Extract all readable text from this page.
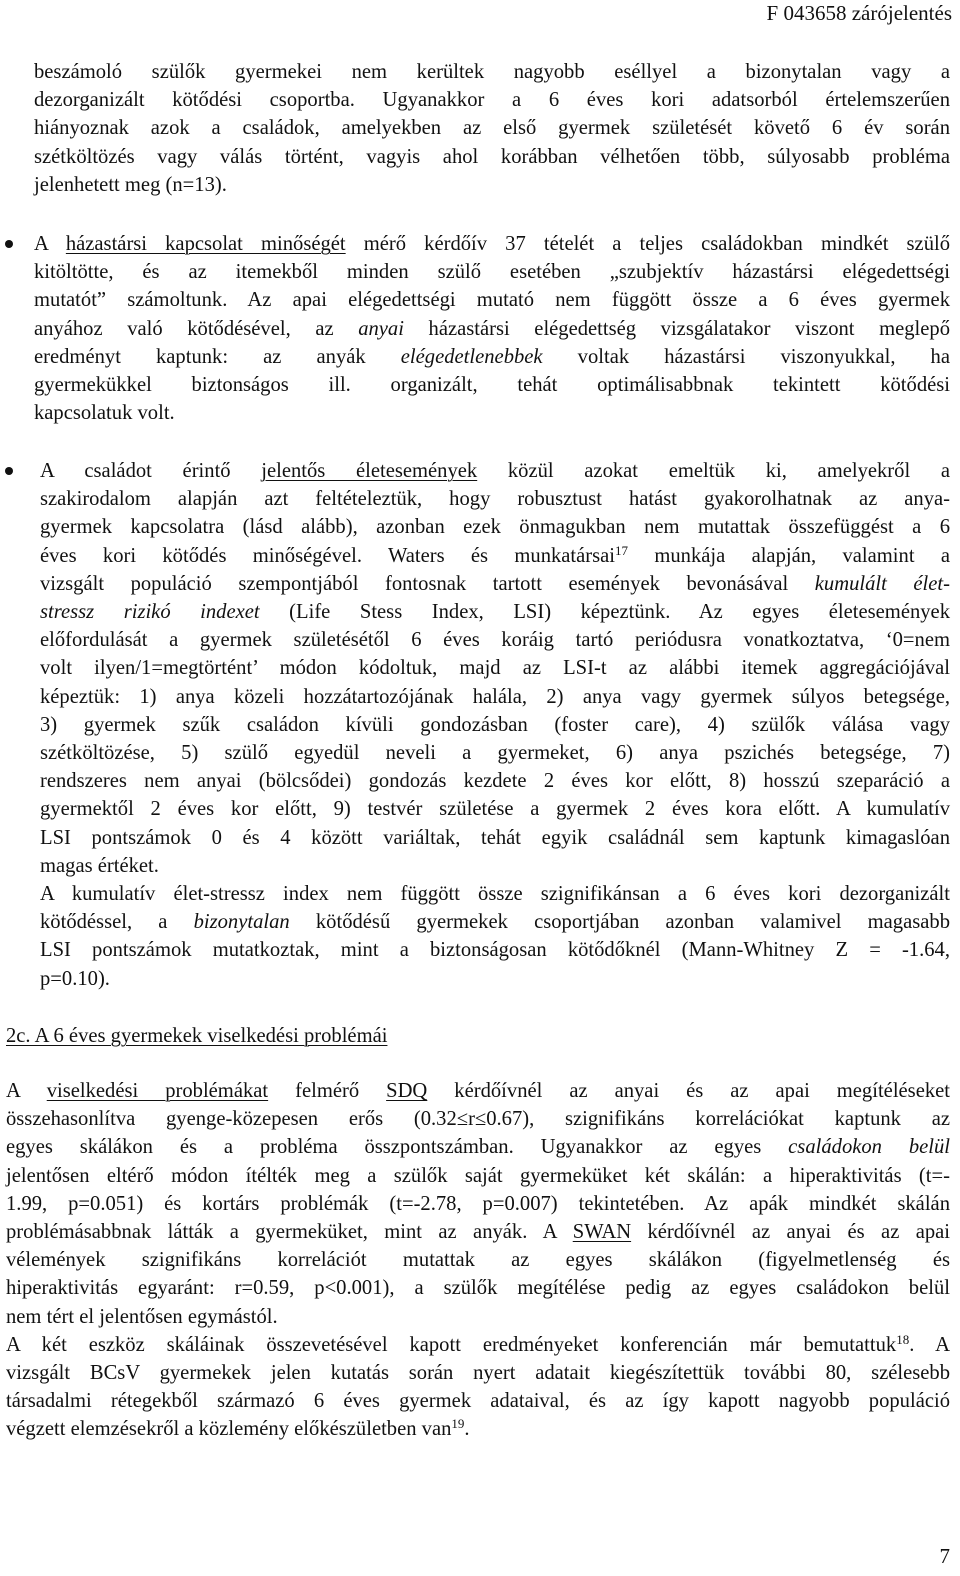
F 043658 zárójelentés
beszámoló szülők gyermekei nem kerültek nagyobb eséllyel a bizonytalan vagy a
dezorganizált kötődési csoportba. Ugyanakkor a 6 éves kori adatsorból értelemszerűen
hiányoznak azok a családok, amelyekben az első gyermek születését követő 6 év során
szétköltözés vagy válás történt, vagyis ahol korábban vélhetően több, súlyosabb probléma
jelenhetett meg (n=13).
A házastársi kapcsolat minőségét mérő kérdőív 37 tételét a teljes családokban mindkét szülő
kitöltötte, és az itemekből minden szülő esetében „szubjektív házastársi elégedettségi
mutatót” számoltunk. Az apai elégedettségi mutató nem függött össze a 6 éves gyermek
anyához való kötődésével, az anyai házastársi elégedettség vizsgálatakor viszont meglepő
eredményt kaptunk: az anyák elégedetlenebbek voltak házastársi viszonyukkal, ha
gyermekükkel biztonságos ill. organizált, tehát optimálisabbnak tekintett kötődési
kapcsolatuk volt.
A családot érintő jelentős életesemények közül azokat emeltük ki, amelyekről a
szakirodalom alapján azt feltételeztük, hogy robusztust hatást gyakorolhatnak az anya-
gyermek kapcsolatra (lásd alább), azonban ezek önmagukban nem mutattak összefüggést a 6
éves kori kötődés minőségével. Waters és munkatársai$^{17}$ munkája alapján, valamint a
vizsgált populáció szempontjából fontosnak tartott események bevonásával kumulált élet-
stressz rizikó indexet (Life Stess Index, LSI) képeztünk. Az egyes életesemények
előfordulását a gyermek születésétől 6 éves koráig tartó periódusra vonatkoztatva, ‘0=nem
volt ilyen/1=megtörtént’ módon kódoltuk, majd az LSI-t az alábbi itemek aggregációjával
képeztük: 1) anya közeli hozzátartozójának halála, 2) anya vagy gyermek súlyos betegsége,
3) gyermek szűk családon kívüli gondozásban (foster care), 4) szülők válása vagy
szétköltözése, 5) szülő egyedül neveli a gyermeket, 6) anya pszichés betegsége, 7)
rendszeres nem anyai (bölcsődei) gondozás kezdete 2 éves kor előtt, 8) hosszú szeparáció a
gyermektől 2 éves kor előtt, 9) testvér születése a gyermek 2 éves kora előtt. A kumulatív
LSI pontszámok 0 és 4 között variáltak, tehát egyik családnál sem kaptunk kimagaslóan
magas értéket.
A kumulatív élet-stressz index nem függött össze szignifikánsan a 6 éves kori dezorganizált
kötődéssel, a bizonytalan kötődésű gyermekek csoportjában azonban valamivel magasabb
LSI pontszámok mutatkoztak, mint a biztonságosan kötődőknél (Mann-Whitney Z = -1.64,
p=0.10).
2c. A 6 éves gyermekek viselkedési problémái
A viselkedési problémákat felmérő SDQ kérdőívnél az anyai és az apai megítéléseket
összehasonlítva gyenge-közepesen erős (0.32≤r≤0.67), szignifikáns korrelációkat kaptunk az
egyes skálákon és a probléma összpontszámban. Ugyanakkor az egyes családokon belül
jelentősen eltérő módon ítélték meg a szülők saját gyermeküket két skálán: a hiperaktivitás (t=-
1.99, p=0.051) és kortárs problémák (t=-2.78, p=0.007) tekintetében. Az apák mindkét skálán
problémásabbnak látták a gyermeküket, mint az anyák. A SWAN kérdőívnél az anyai és az apai
vélemények szignifikáns korrelációt mutattak az egyes skálákon (figyelmetlenség és
hiperaktivitás egyaránt: r=0.59, p<0.001), a szülők megítélése pedig az egyes családokon belül
nem tért el jelentősen egymástól.
A két eszköz skáláinak összevetésével kapott eredményeket konferencián már bemutattuk$^{18}$. A
vizsgált BCsV gyermekek jelen kutatás során nyert adatait kiegészítettük további 80, szélesebb
társadalmi rétegekből származó 6 éves gyermek adataival, és az így kapott nagyobb populáció
végzett elemzésekről a közlemény előkészületben van$^{19}$.
7
